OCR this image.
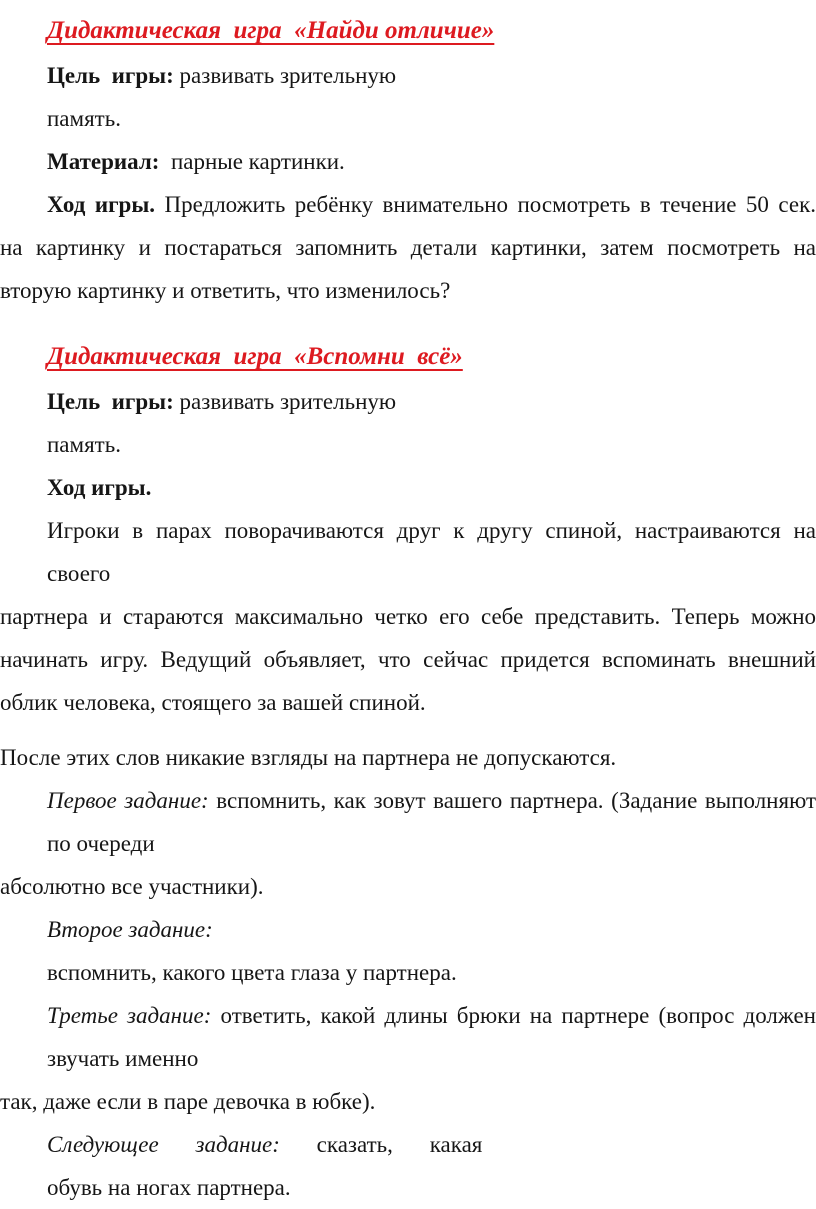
Дидактическая  игра  «Найди отличие»
Цель  игры: развивать зрительную
память.
Материал:  парные картинки.
Ход игры. Предложить ребёнку внимательно посмотреть в течение 50 сек.
на картинку и постараться запомнить детали картинки, затем посмотреть на
вторую картинку и ответить, что изменилось?
Дидактическая  игра  «Вспомни  всё»
Цель  игры: развивать зрительную
память.
Ход игры.
Игроки в парах поворачиваются друг к другу спиной, настраиваются на своего
партнера и стараются максимально четко его себе представить. Теперь можно
начинать игру. Ведущий объявляет, что сейчас придется вспоминать внешний
облик человека, стоящего за вашей спиной.
После этих слов никакие взгляды на партнера не допускаются.
Первое задание: вспомнить, как зовут вашего партнера. (Задание выполняют
по очереди
абсолютно все участники).
Второе задание:
вспомнить, какого цвета глаза у партнера.
Третье задание: ответить, какой длины брюки на партнере (вопрос должен
звучать именно
так, даже если в паре девочка в юбке).
Следующее  задание:  сказать,  какая
обувь на ногах партнера.
